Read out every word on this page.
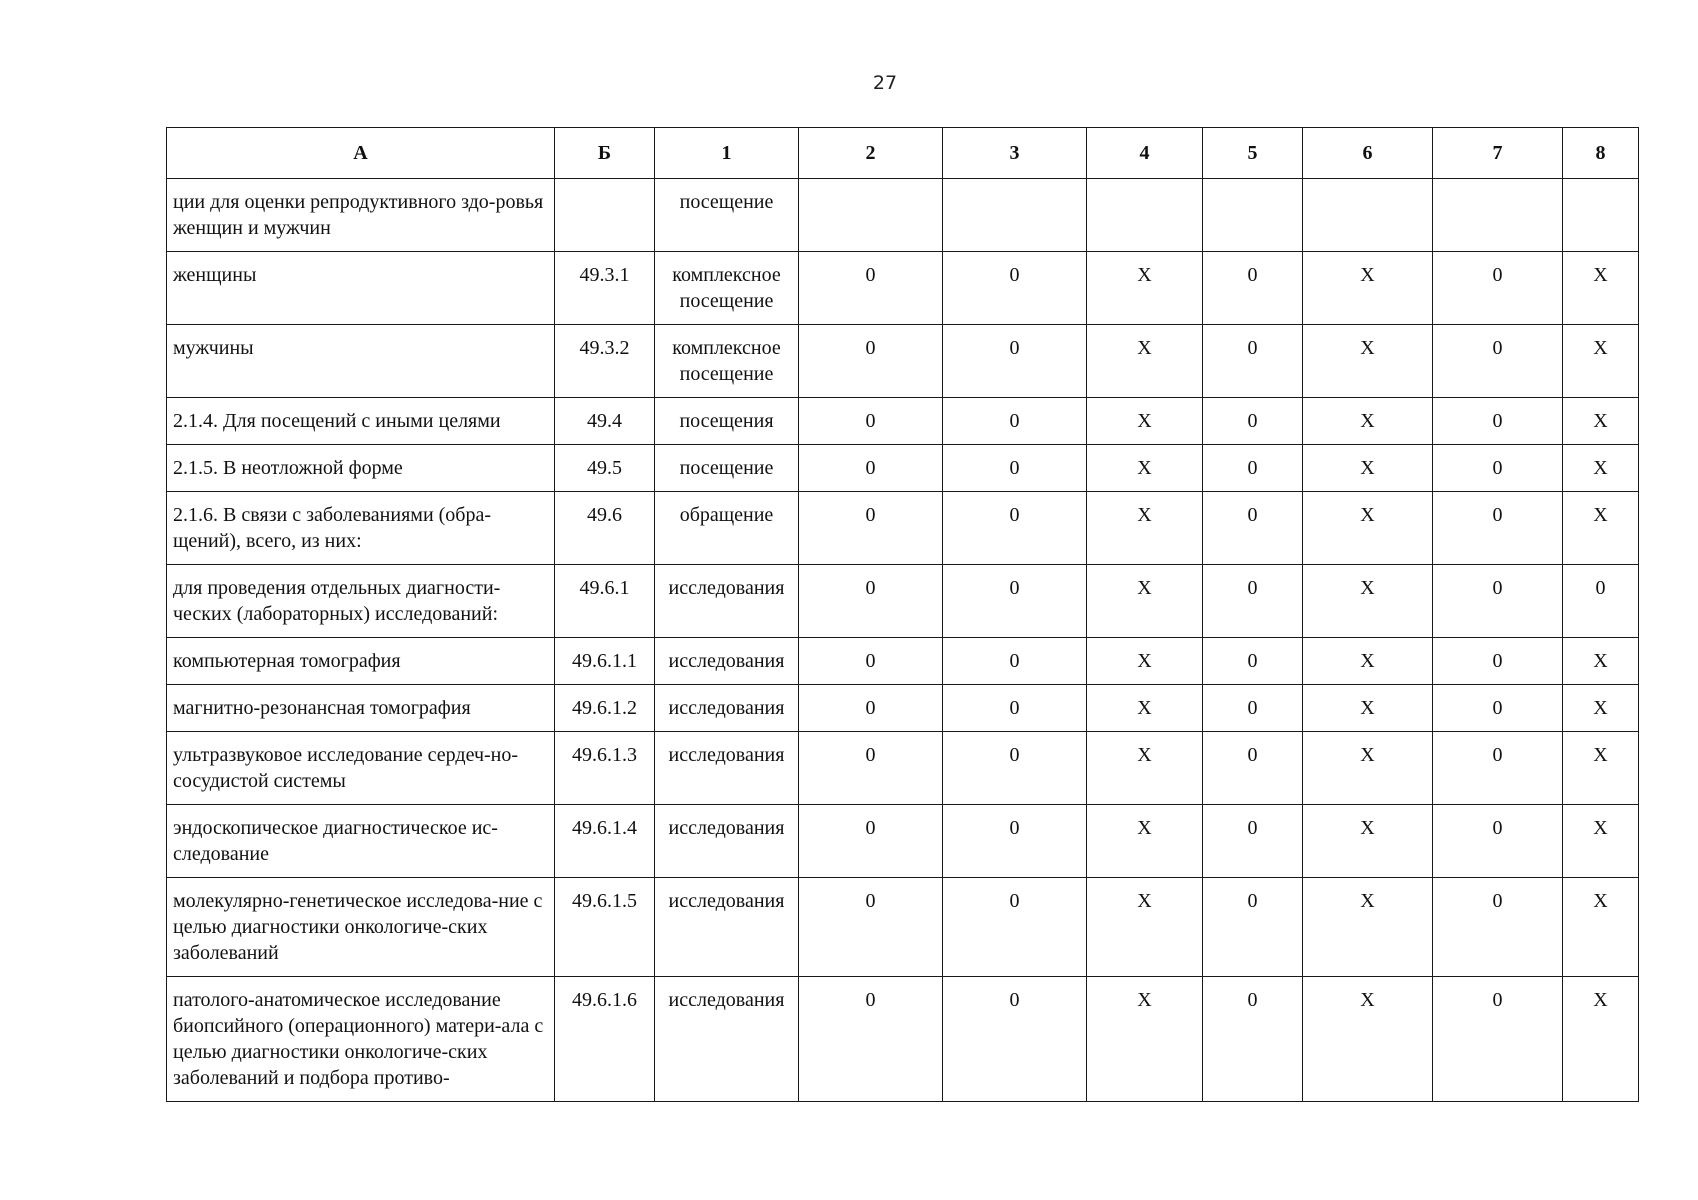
27
А	Б	1	2	3	4	5	6	7	8
ции для оценки репродуктивного здо-ровья женщин и мужчин		посещение							
женщины	49.3.1	комплексное посещение	0	0	X	0	X	0	X
мужчины	49.3.2	комплексное посещение	0	0	X	0	X	0	X
2.1.4. Для посещений с иными целями	49.4	посещения	0	0	X	0	X	0	X
2.1.5. В неотложной форме	49.5	посещение	0	0	X	0	X	0	X
2.1.6. В связи с заболеваниями (обра-щений), всего, из них:	49.6	обращение	0	0	X	0	X	0	X
для проведения отдельных диагности-ческих (лабораторных) исследований:	49.6.1	исследования	0	0	X	0	X	0	0
компьютерная томография	49.6.1.1	исследования	0	0	X	0	X	0	X
магнитно-резонансная томография	49.6.1.2	исследования	0	0	X	0	X	0	X
ультразвуковое исследование сердеч-но-сосудистой системы	49.6.1.3	исследования	0	0	X	0	X	0	X
эндоскопическое диагностическое ис-следование	49.6.1.4	исследования	0	0	X	0	X	0	X
молекулярно-генетическое исследова-ние с целью диагностики онкологиче-ских заболеваний	49.6.1.5	исследования	0	0	X	0	X	0	X
патолого-анатомическое исследование биопсийного (операционного) матери-ала с целью диагностики онкологиче-ских заболеваний и подбора противо-	49.6.1.6	исследования	0	0	X	0	X	0	X
